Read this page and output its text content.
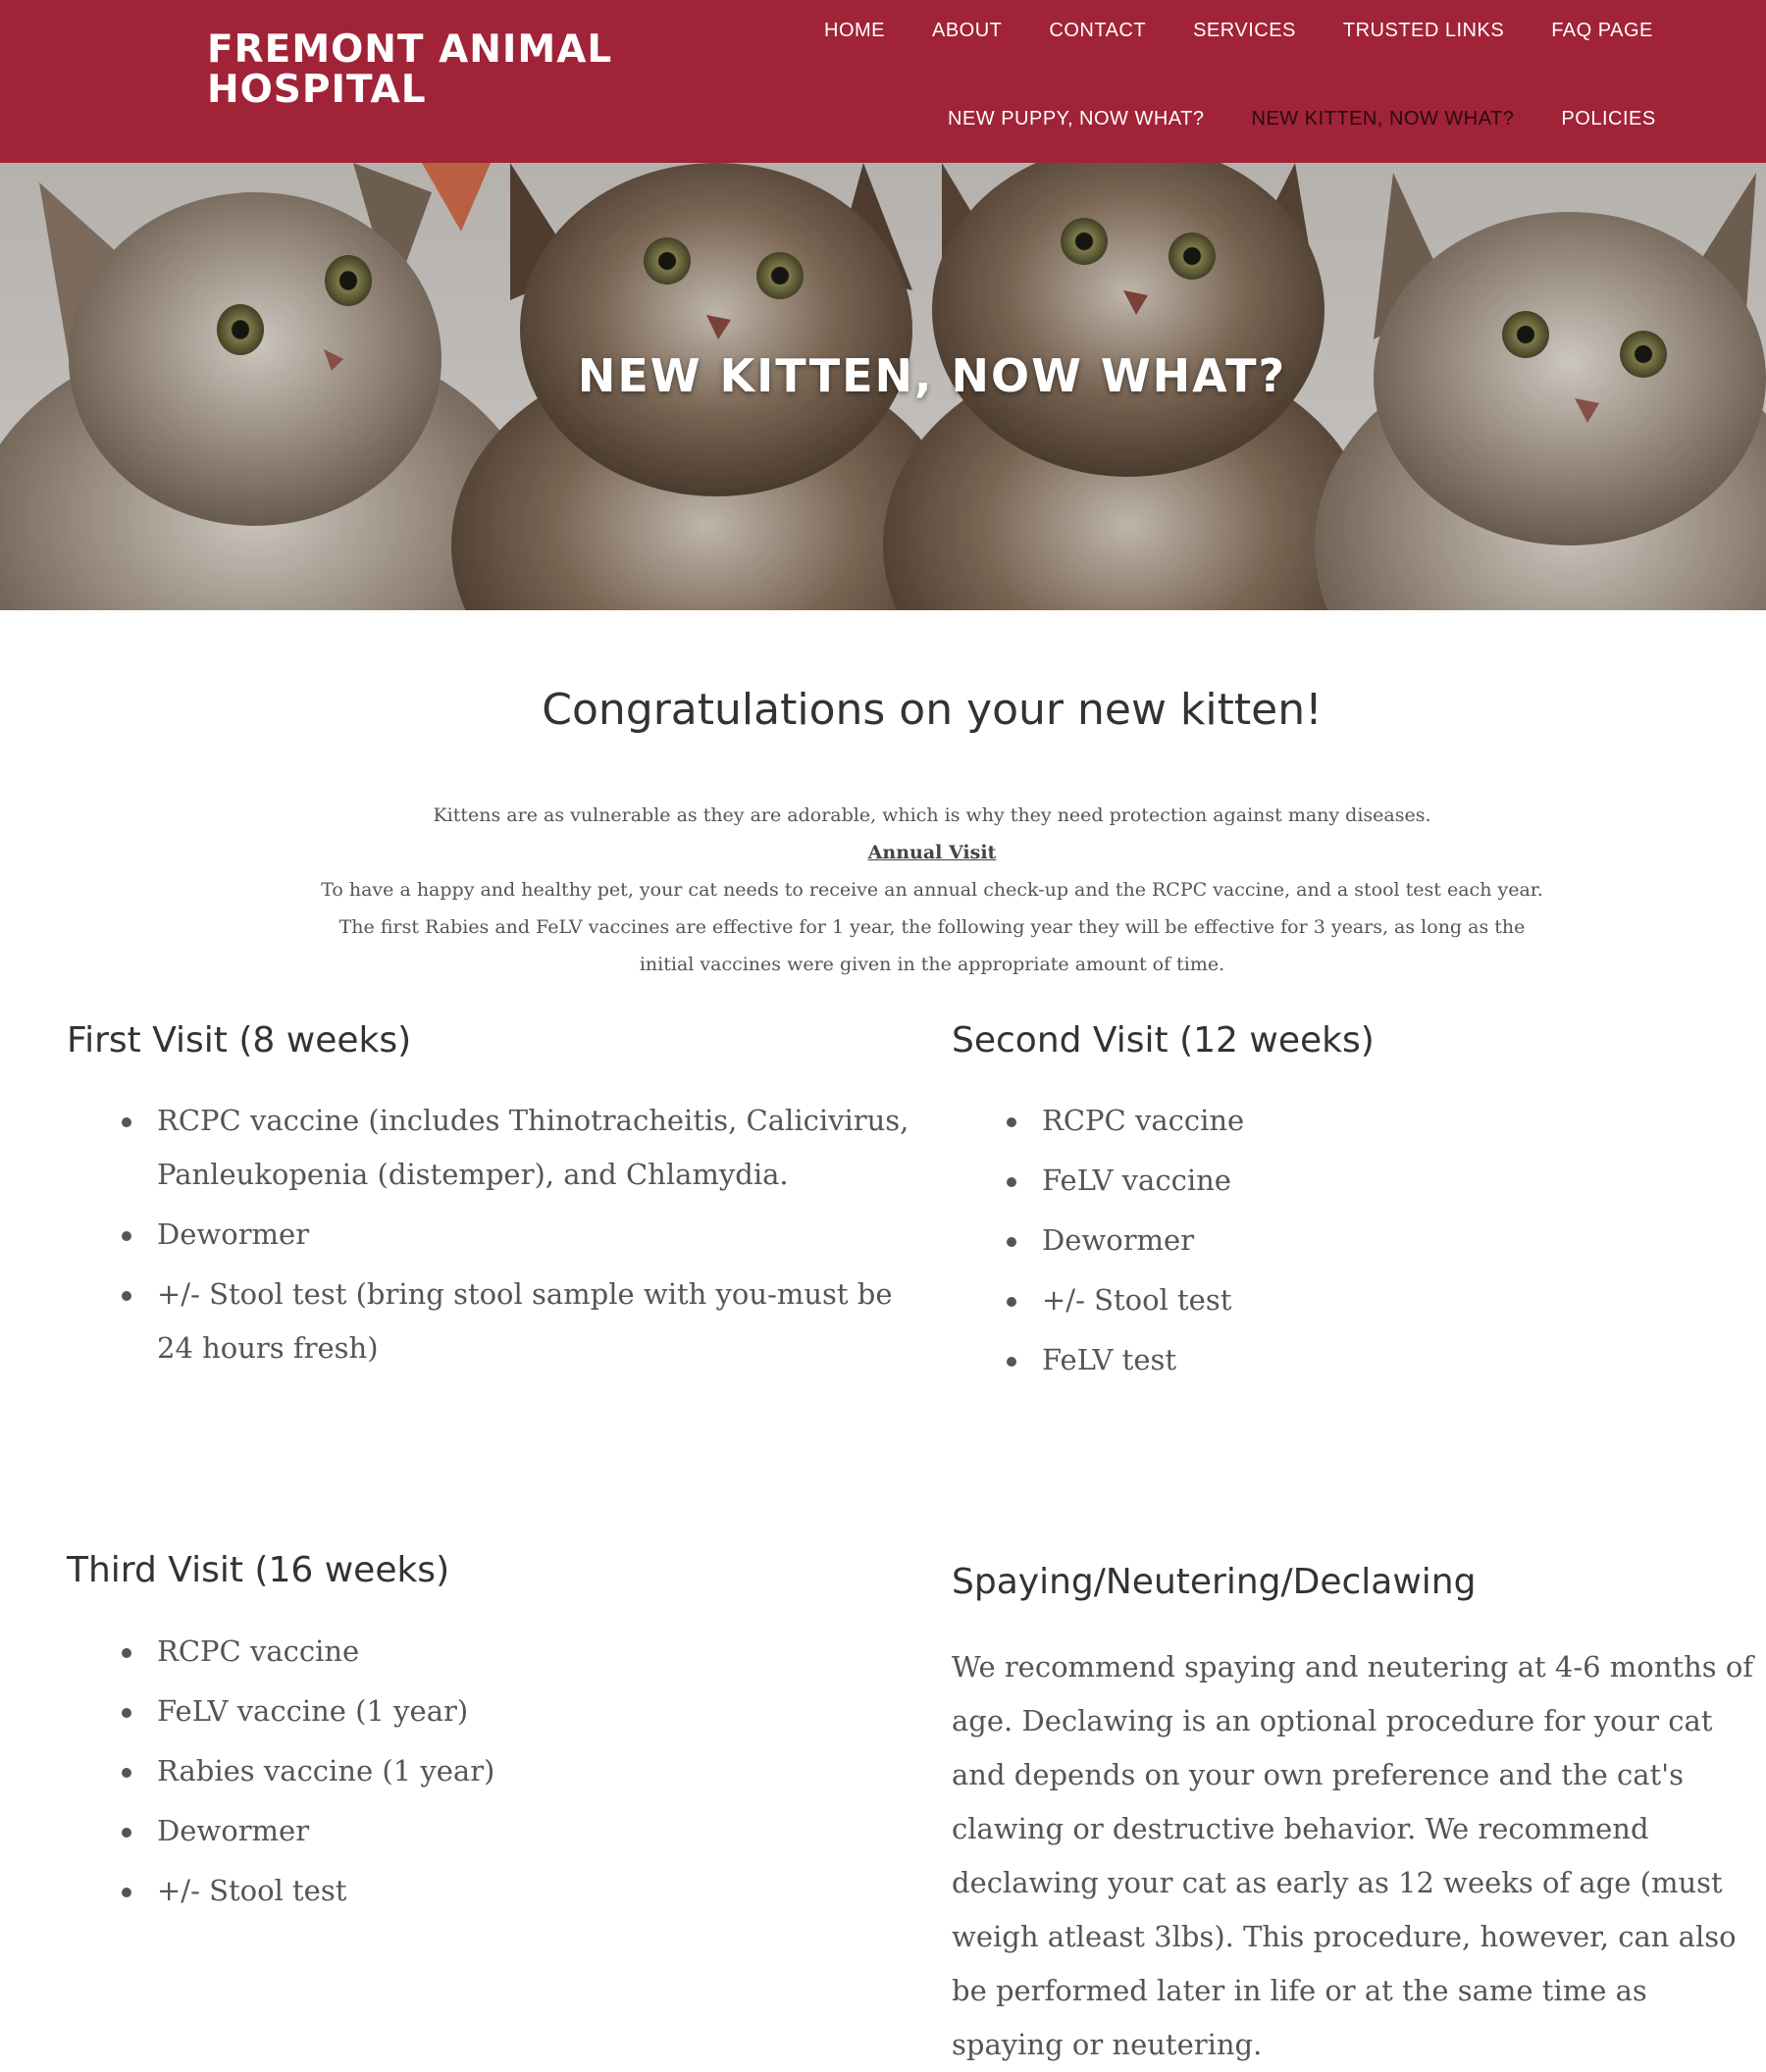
FREMONT ANIMAL
HOSPITAL
HOME ABOUT CONTACT SERVICES TRUSTED LINKS FAQ PAGE
NEW PUPPY, NOW WHAT? NEW KITTEN, NOW WHAT? POLICIES
NEW KITTEN, NOW WHAT?
Congratulations on your new kitten!
Kittens are as vulnerable as they are adorable, which is why they need protection against many diseases.
Annual Visit
To have a happy and healthy pet, your cat needs to receive an annual check-up and the RCPC vaccine, and a stool test each year.
The first Rabies and FeLV vaccines are effective for 1 year, the following year they will be effective for 3 years, as long as the
initial vaccines were given in the appropriate amount of time.
First Visit (8 weeks)
RCPC vaccine (includes Thinotracheitis, Calicivirus, Panleukopenia (distemper), and Chlamydia.
Dewormer
+/- Stool test (bring stool sample with you-must be 24 hours fresh)
Second Visit (12 weeks)
RCPC vaccine
FeLV vaccine
Dewormer
+/- Stool test
FeLV test
Third Visit (16 weeks)
RCPC vaccine
FeLV vaccine (1 year)
Rabies vaccine (1 year)
Dewormer
+/- Stool test
Spaying/Neutering/Declawing

We recommend spaying and neutering at 4-6 months of age. Declawing is an optional procedure for your cat and depends on your own preference and the cat's clawing or destructive behavior. We recommend declawing your cat as early as 12 weeks of age (must weigh atleast 3lbs). This procedure, however, can also be performed later in life or at the same time as spaying or neutering.
